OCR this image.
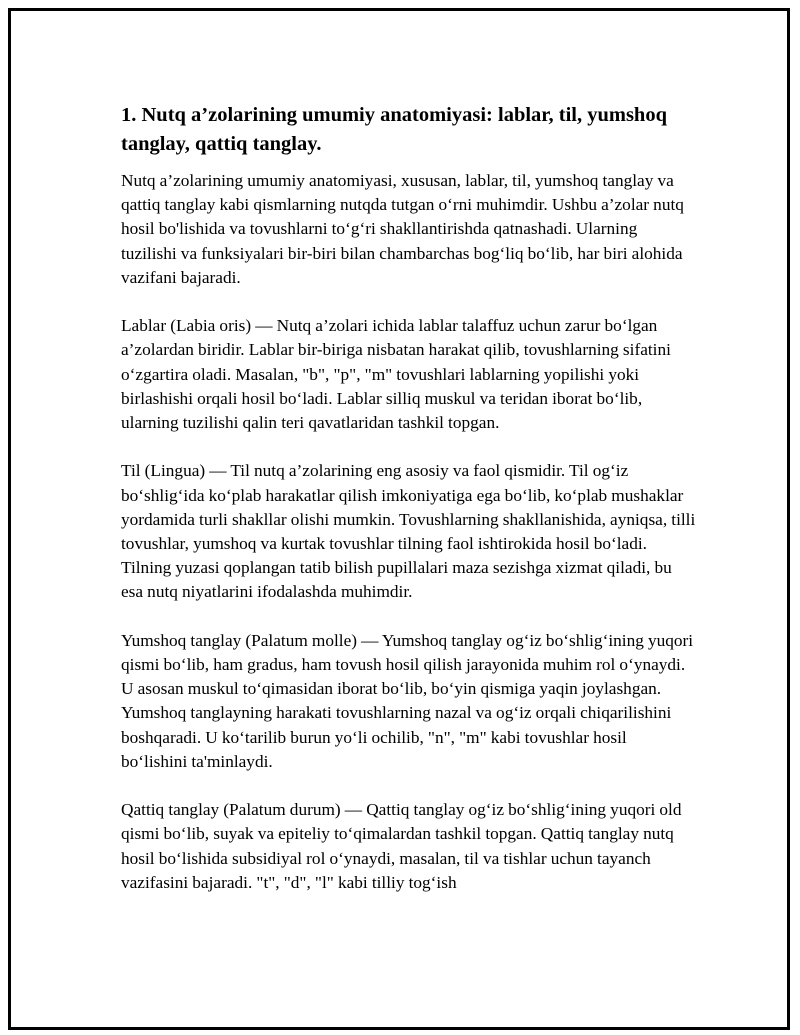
1. Nutq a’zolarining umumiy anatomiyasi: lablar, til, yumshoq tanglay, qattiq tanglay.

Nutq a’zolarining umumiy anatomiyasi, xususan, lablar, til, yumshoq tanglay va qattiq tanglay kabi qismlarning nutqda tutgan o‘rni muhimdir. Ushbu a’zolar nutq hosil bo'lishida va tovushlarni to‘g‘ri shakllantirishda qatnashadi. Ularning tuzilishi va funksiyalari bir-biri bilan chambarchas bog‘liq bo‘lib, har biri alohida vazifani bajaradi.

Lablar (Labia oris) — Nutq a’zolari ichida lablar talaffuz uchun zarur bo‘lgan a’zolardan biridir. Lablar bir-biriga nisbatan harakat qilib, tovushlarning sifatini o‘zgartira oladi. Masalan, "b", "p", "m" tovushlari lablarning yopilishi yoki birlashishi orqali hosil bo‘ladi. Lablar silliq muskul va teridan iborat bo‘lib, ularning tuzilishi qalin teri qavatlaridan tashkil topgan.

Til (Lingua) — Til nutq a’zolarining eng asosiy va faol qismidir. Til og‘iz bo‘shlig‘ida ko‘plab harakatlar qilish imkoniyatiga ega bo‘lib, ko‘plab mushaklar yordamida turli shakllar olishi mumkin. Tovushlarning shakllanishida, ayniqsa, tilli tovushlar, yumshoq va kurtak tovushlar tilning faol ishtirokida hosil bo‘ladi. Tilning yuzasi qoplangan tatib bilish pupillalari maza sezishga xizmat qiladi, bu esa nutq niyatlarini ifodalashda muhimdir.

Yumshoq tanglay (Palatum molle) — Yumshoq tanglay og‘iz bo‘shlig‘ining yuqori qismi bo‘lib, ham gradus, ham tovush hosil qilish jarayonida muhim rol o‘ynaydi. U asosan muskul to‘qimasidan iborat bo‘lib, bo‘yin qismiga yaqin joylashgan. Yumshoq tanglayning harakati tovushlarning nazal va og‘iz orqali chiqarilishini boshqaradi. U ko‘tarilib burun yo‘li ochilib, "n", "m" kabi tovushlar hosil bo‘lishini ta'minlaydi.

Qattiq tanglay (Palatum durum) — Qattiq tanglay og‘iz bo‘shlig‘ining yuqori old qismi bo‘lib, suyak va epiteliy to‘qimalardan tashkil topgan. Qattiq tanglay nutq hosil bo‘lishida subsidiyal rol o‘ynaydi, masalan, til va tishlar uchun tayanch vazifasini bajaradi. "t", "d", "l" kabi tilliy tog‘ish
